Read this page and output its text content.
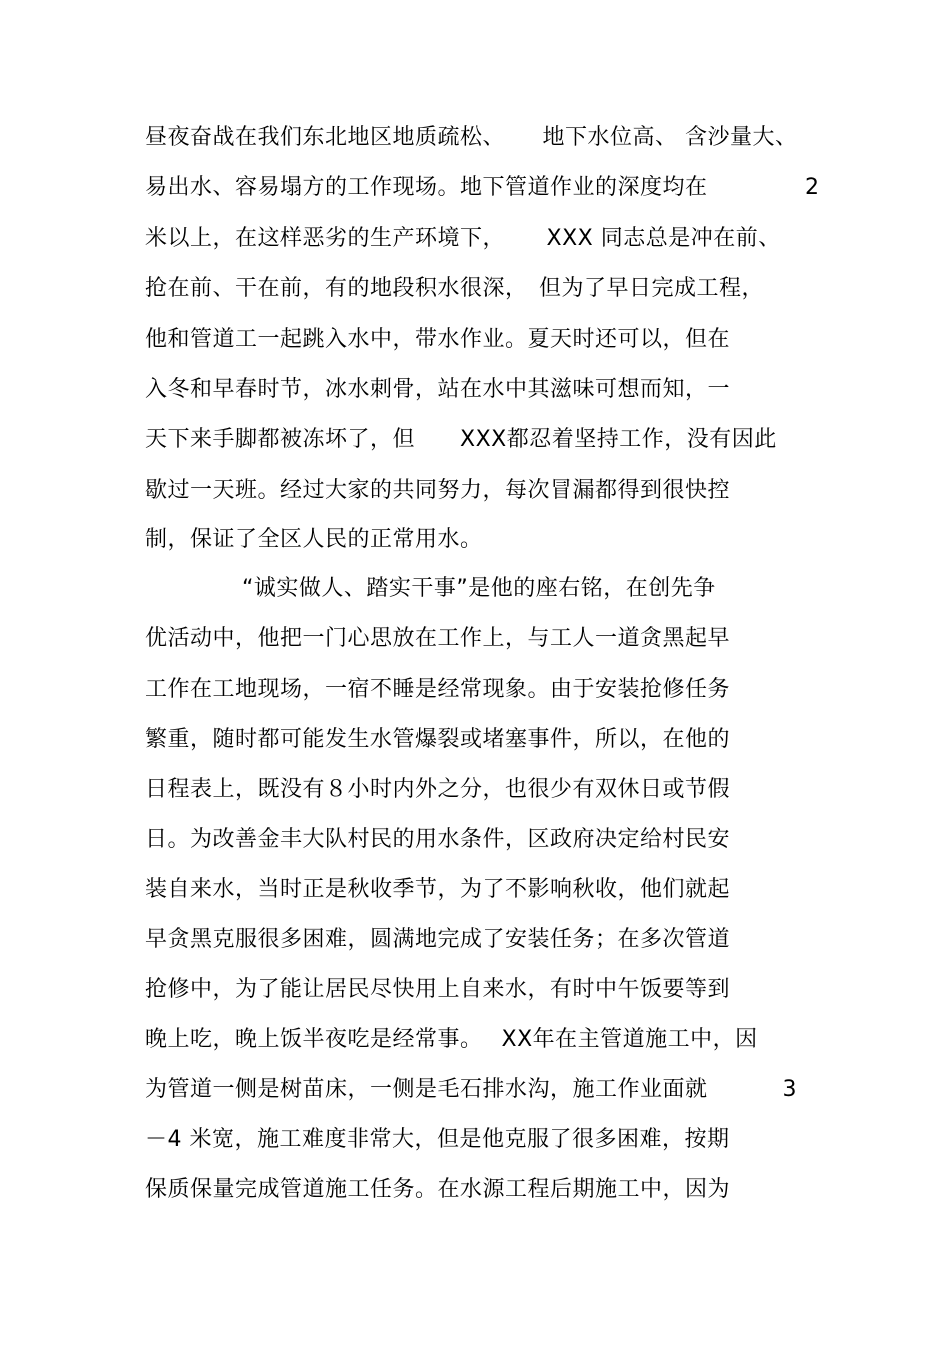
昼夜奋战在我们东北地区地质疏松、 　 地下水位高、 含沙量大、
易出水、容易塌方的工作现场。地下管道作业的深度均在　　　　 2
米以上，在这样恶劣的生产环境下，　　 XXX 同志总是冲在前、
抢在前、干在前，有的地段积水很深，　但为了早日完成工程，
他和管道工一起跳入水中，带水作业。夏天时还可以，但在
入冬和早春时节，冰水刺骨，站在水中其滋味可想而知，一
天下来手脚都被冻坏了，但　　XXX都忍着坚持工作，没有因此
歇过一天班。经过大家的共同努力，每次冒漏都得到很快控
制，保证了全区人民的正常用水。
“诚实做人、踏实干事”是他的座右铭，在创先争
优活动中，他把一门心思放在工作上，与工人一道贪黑起早
工作在工地现场，一宿不睡是经常现象。由于安装抢修任务
繁重，随时都可能发生水管爆裂或堵塞事件，所以，在他的
日程表上，既没有８小时内外之分，也很少有双休日或节假
日。为改善金丰大队村民的用水条件，区政府决定给村民安
装自来水，当时正是秋收季节，为了不影响秋收，他们就起
早贪黑克服很多困难，圆满地完成了安装任务；在多次管道
抢修中，为了能让居民尽快用上自来水，有时中午饭要等到
晚上吃，晚上饭半夜吃是经常事。　 XX年在主管道施工中，因
为管道一侧是树苗床，一侧是毛石排水沟，施工作业面就　　　 3
－4 米宽，施工难度非常大，但是他克服了很多困难，按期
保质保量完成管道施工任务。在水源工程后期施工中，因为
